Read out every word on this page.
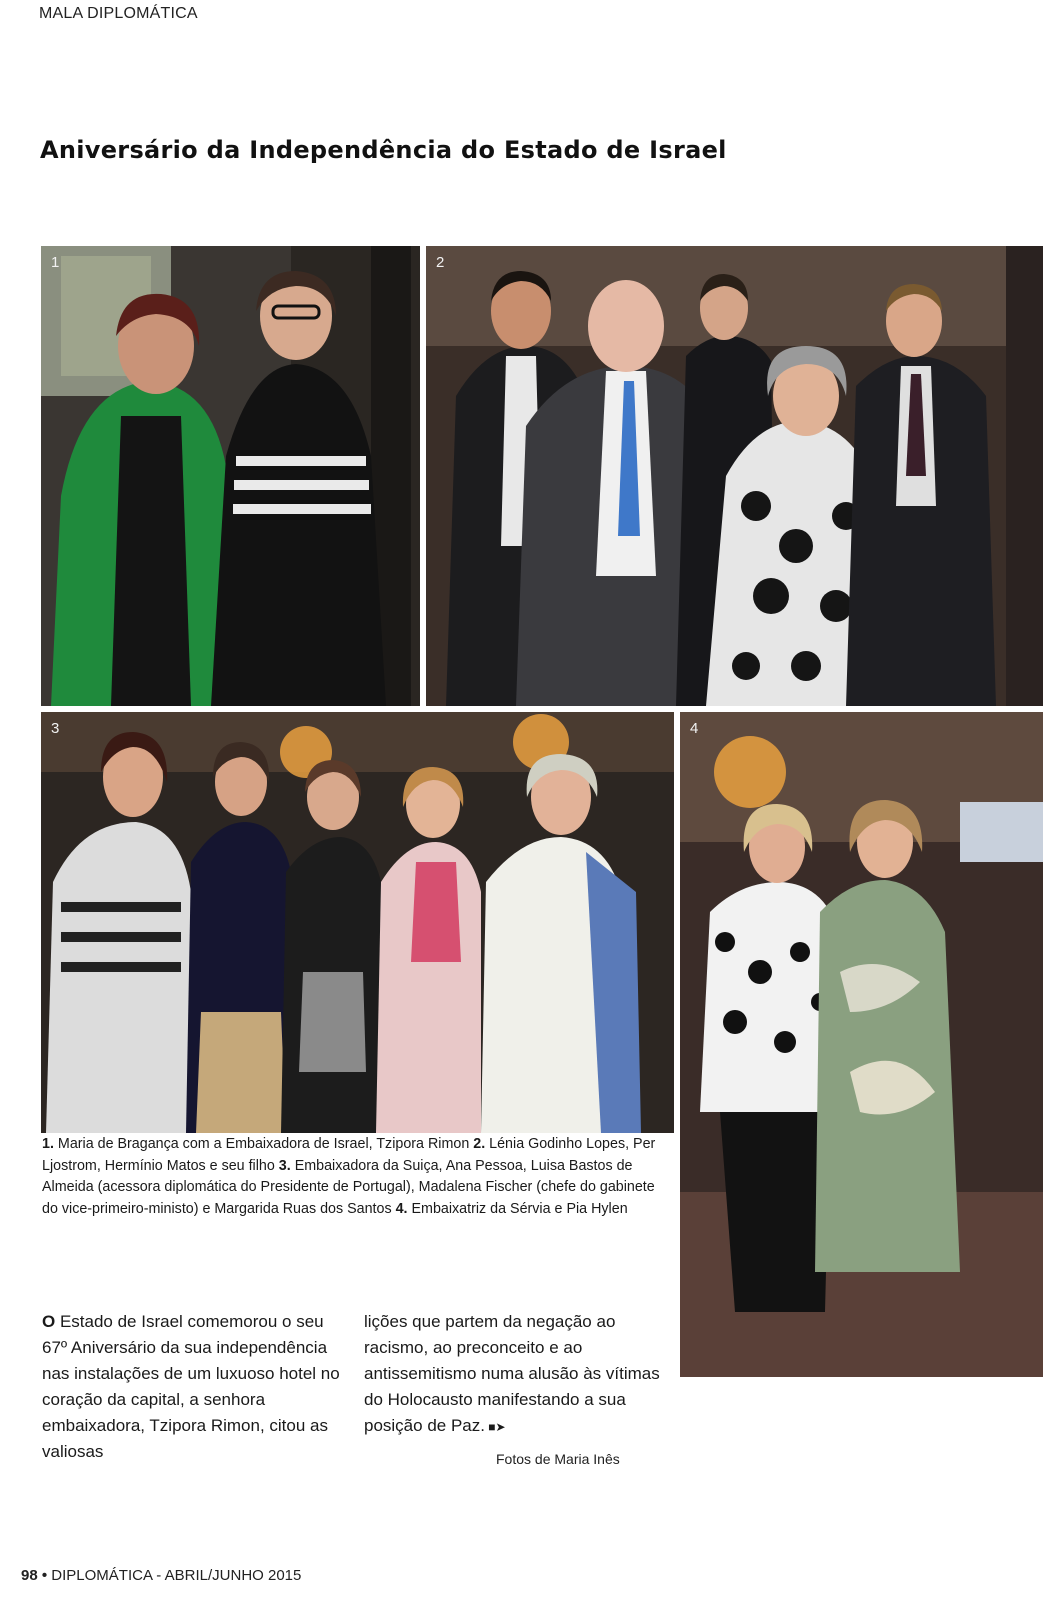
MALA DIPLOMÁTICA
Aniversário da Independência do Estado de Israel
1	2
3	4
1. Maria de Bragança com a Embaixadora de Israel, Tzipora Rimon 2. Lénia Godinho Lopes, Per Ljostrom, Hermínio Matos e seu filho 3. Embaixadora da Suiça, Ana Pessoa, Luisa Bastos de Almeida (acessora diplomática do Presidente de Portugal), Madalena Fischer (chefe do gabinete do vice-primeiro-ministo) e Margarida Ruas dos Santos 4. Embaixatriz da Sérvia e Pia Hylen
O Estado de Israel comemorou o seu 67º Aniversário da sua independência nas instalações de um luxuoso hotel no coração da capital, a senhora embaixadora, Tzipora Rimon, citou as valiosas
lições que partem da negação ao racismo, ao preconceito e ao antissemitismo numa alusão às vítimas do Holocausto manifestando a sua posição de Paz. ■➤
Fotos de Maria Inês
98 • DIPLOMÁTICA - ABRIL/JUNHO 2015
